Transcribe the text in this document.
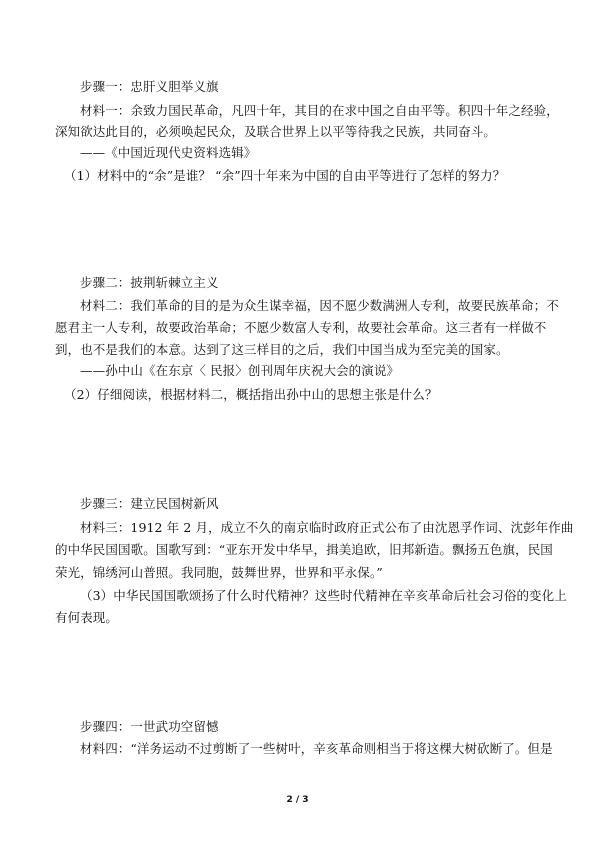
步骤一：忠肝义胆举义旗
材料一：余致力国民革命，凡四十年，其目的在求中国之自由平等。积四十年之经验，
深知欲达此目的，必须唤起民众，及联合世界上以平等待我之民族，共同奋斗。
——《中国近现代史资料选辑》
（1）材料中的“余”是谁？ “余”四十年来为中国的自由平等进行了怎样的努力？
步骤二：披荆斩棘立主义
材料二：我们革命的目的是为众生谋幸福，因不愿少数满洲人专利，故要民族革命；不
愿君主一人专利，故要政治革命；不愿少数富人专利，故要社会革命。这三者有一样做不
到，也不是我们的本意。达到了这三样目的之后，我们中国当成为至完美的国家。
——孙中山《在东京〈 民报〉创刊周年庆祝大会的演说》
（2）仔细阅读，根据材料二，概括指出孙中山的思想主张是什么？
步骤三：建立民国树新风
材料三：1912 年 2 月，成立不久的南京临时政府正式公布了由沈恩孚作词、沈彭年作曲
的中华民国国歌。国歌写到：“亚东开发中华早，揖美追欧，旧邦新造。飘扬五色旗，民国
荣光，锦绣河山普照。我同胞，鼓舞世界，世界和平永保。”
（3）中华民国国歌颂扬了什么时代精神？这些时代精神在辛亥革命后社会习俗的变化上
有何表现。
步骤四：一世武功空留憾
材料四：“洋务运动不过剪断了一些树叶，辛亥革命则相当于将这棵大树砍断了。但是
2 / 3
